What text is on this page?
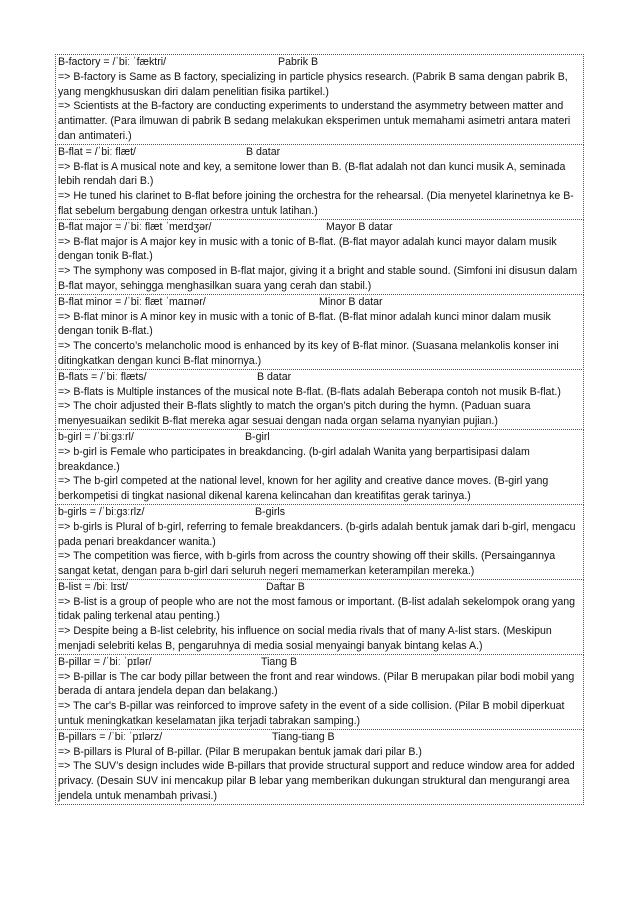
B-factory = /ˈbiː ˈfæktri/	Pabrik B
=> B-factory is Same as B factory, specializing in particle physics research. (Pabrik B sama dengan pabrik B, yang mengkhususkan diri dalam penelitian fisika partikel.)
=> Scientists at the B-factory are conducting experiments to understand the asymmetry between matter and antimatter. (Para ilmuwan di pabrik B sedang melakukan eksperimen untuk memahami asimetri antara materi dan antimateri.)
B-flat = /ˈbiː flæt/	B datar
=> B-flat is A musical note and key, a semitone lower than B. (B-flat adalah not dan kunci musik A, seminada lebih rendah dari B.)
=> He tuned his clarinet to B-flat before joining the orchestra for the rehearsal. (Dia menyetel klarinetnya ke B-flat sebelum bergabung dengan orkestra untuk latihan.)
B-flat major = /ˈbiː flæt ˈmeɪdʒər/	Mayor B datar
=> B-flat major is A major key in music with a tonic of B-flat. (B-flat mayor adalah kunci mayor dalam musik dengan tonik B-flat.)
=> The symphony was composed in B-flat major, giving it a bright and stable sound. (Simfoni ini disusun dalam B-flat mayor, sehingga menghasilkan suara yang cerah dan stabil.)
B-flat minor = /ˈbiː flæt ˈmaɪnər/	Minor B datar
=> B-flat minor is A minor key in music with a tonic of B-flat. (B-flat minor adalah kunci minor dalam musik dengan tonik B-flat.)
=> The concerto’s melancholic mood is enhanced by its key of B-flat minor. (Suasana melankolis konser ini ditingkatkan dengan kunci B-flat minornya.)
B-flats = /ˈbiː flæts/	B datar
=> B-flats is Multiple instances of the musical note B-flat. (B-flats adalah Beberapa contoh not musik B-flat.)
=> The choir adjusted their B-flats slightly to match the organ’s pitch during the hymn. (Paduan suara menyesuaikan sedikit B-flat mereka agar sesuai dengan nada organ selama nyanyian pujian.)
b-girl = /ˈbiːɡɜːrl/	B-girl
=> b-girl is Female who participates in breakdancing. (b-girl adalah Wanita yang berpartisipasi dalam breakdance.)
=> The b-girl competed at the national level, known for her agility and creative dance moves. (B-girl yang berkompetisi di tingkat nasional dikenal karena kelincahan dan kreatifitas gerak tarinya.)
b-girls = /ˈbiːɡɜːrlz/	B-girls
=> b-girls is Plural of b-girl, referring to female breakdancers. (b-girls adalah bentuk jamak dari b-girl, mengacu pada penari breakdancer wanita.)
=> The competition was fierce, with b-girls from across the country showing off their skills. (Persaingannya sangat ketat, dengan para b-girl dari seluruh negeri memamerkan keterampilan mereka.)
B-list = /biː lɪst/	Daftar B
=> B-list is a group of people who are not the most famous or important. (B-list adalah sekelompok orang yang tidak paling terkenal atau penting.)
=> Despite being a B-list celebrity, his influence on social media rivals that of many A-list stars. (Meskipun menjadi selebriti kelas B, pengaruhnya di media sosial menyaingi banyak bintang kelas A.)
B-pillar = /ˈbiː ˈpɪlər/	Tiang B
=> B-pillar is The car body pillar between the front and rear windows. (Pilar B merupakan pilar bodi mobil yang berada di antara jendela depan dan belakang.)
=> The car's B-pillar was reinforced to improve safety in the event of a side collision. (Pilar B mobil diperkuat untuk meningkatkan keselamatan jika terjadi tabrakan samping.)
B-pillars = /ˈbiː ˈpɪlərz/	Tiang-tiang B
=> B-pillars is Plural of B-pillar. (Pilar B merupakan bentuk jamak dari pilar B.)
=> The SUV’s design includes wide B-pillars that provide structural support and reduce window area for added privacy. (Desain SUV ini mencakup pilar B lebar yang memberikan dukungan struktural dan mengurangi area jendela untuk menambah privasi.)
